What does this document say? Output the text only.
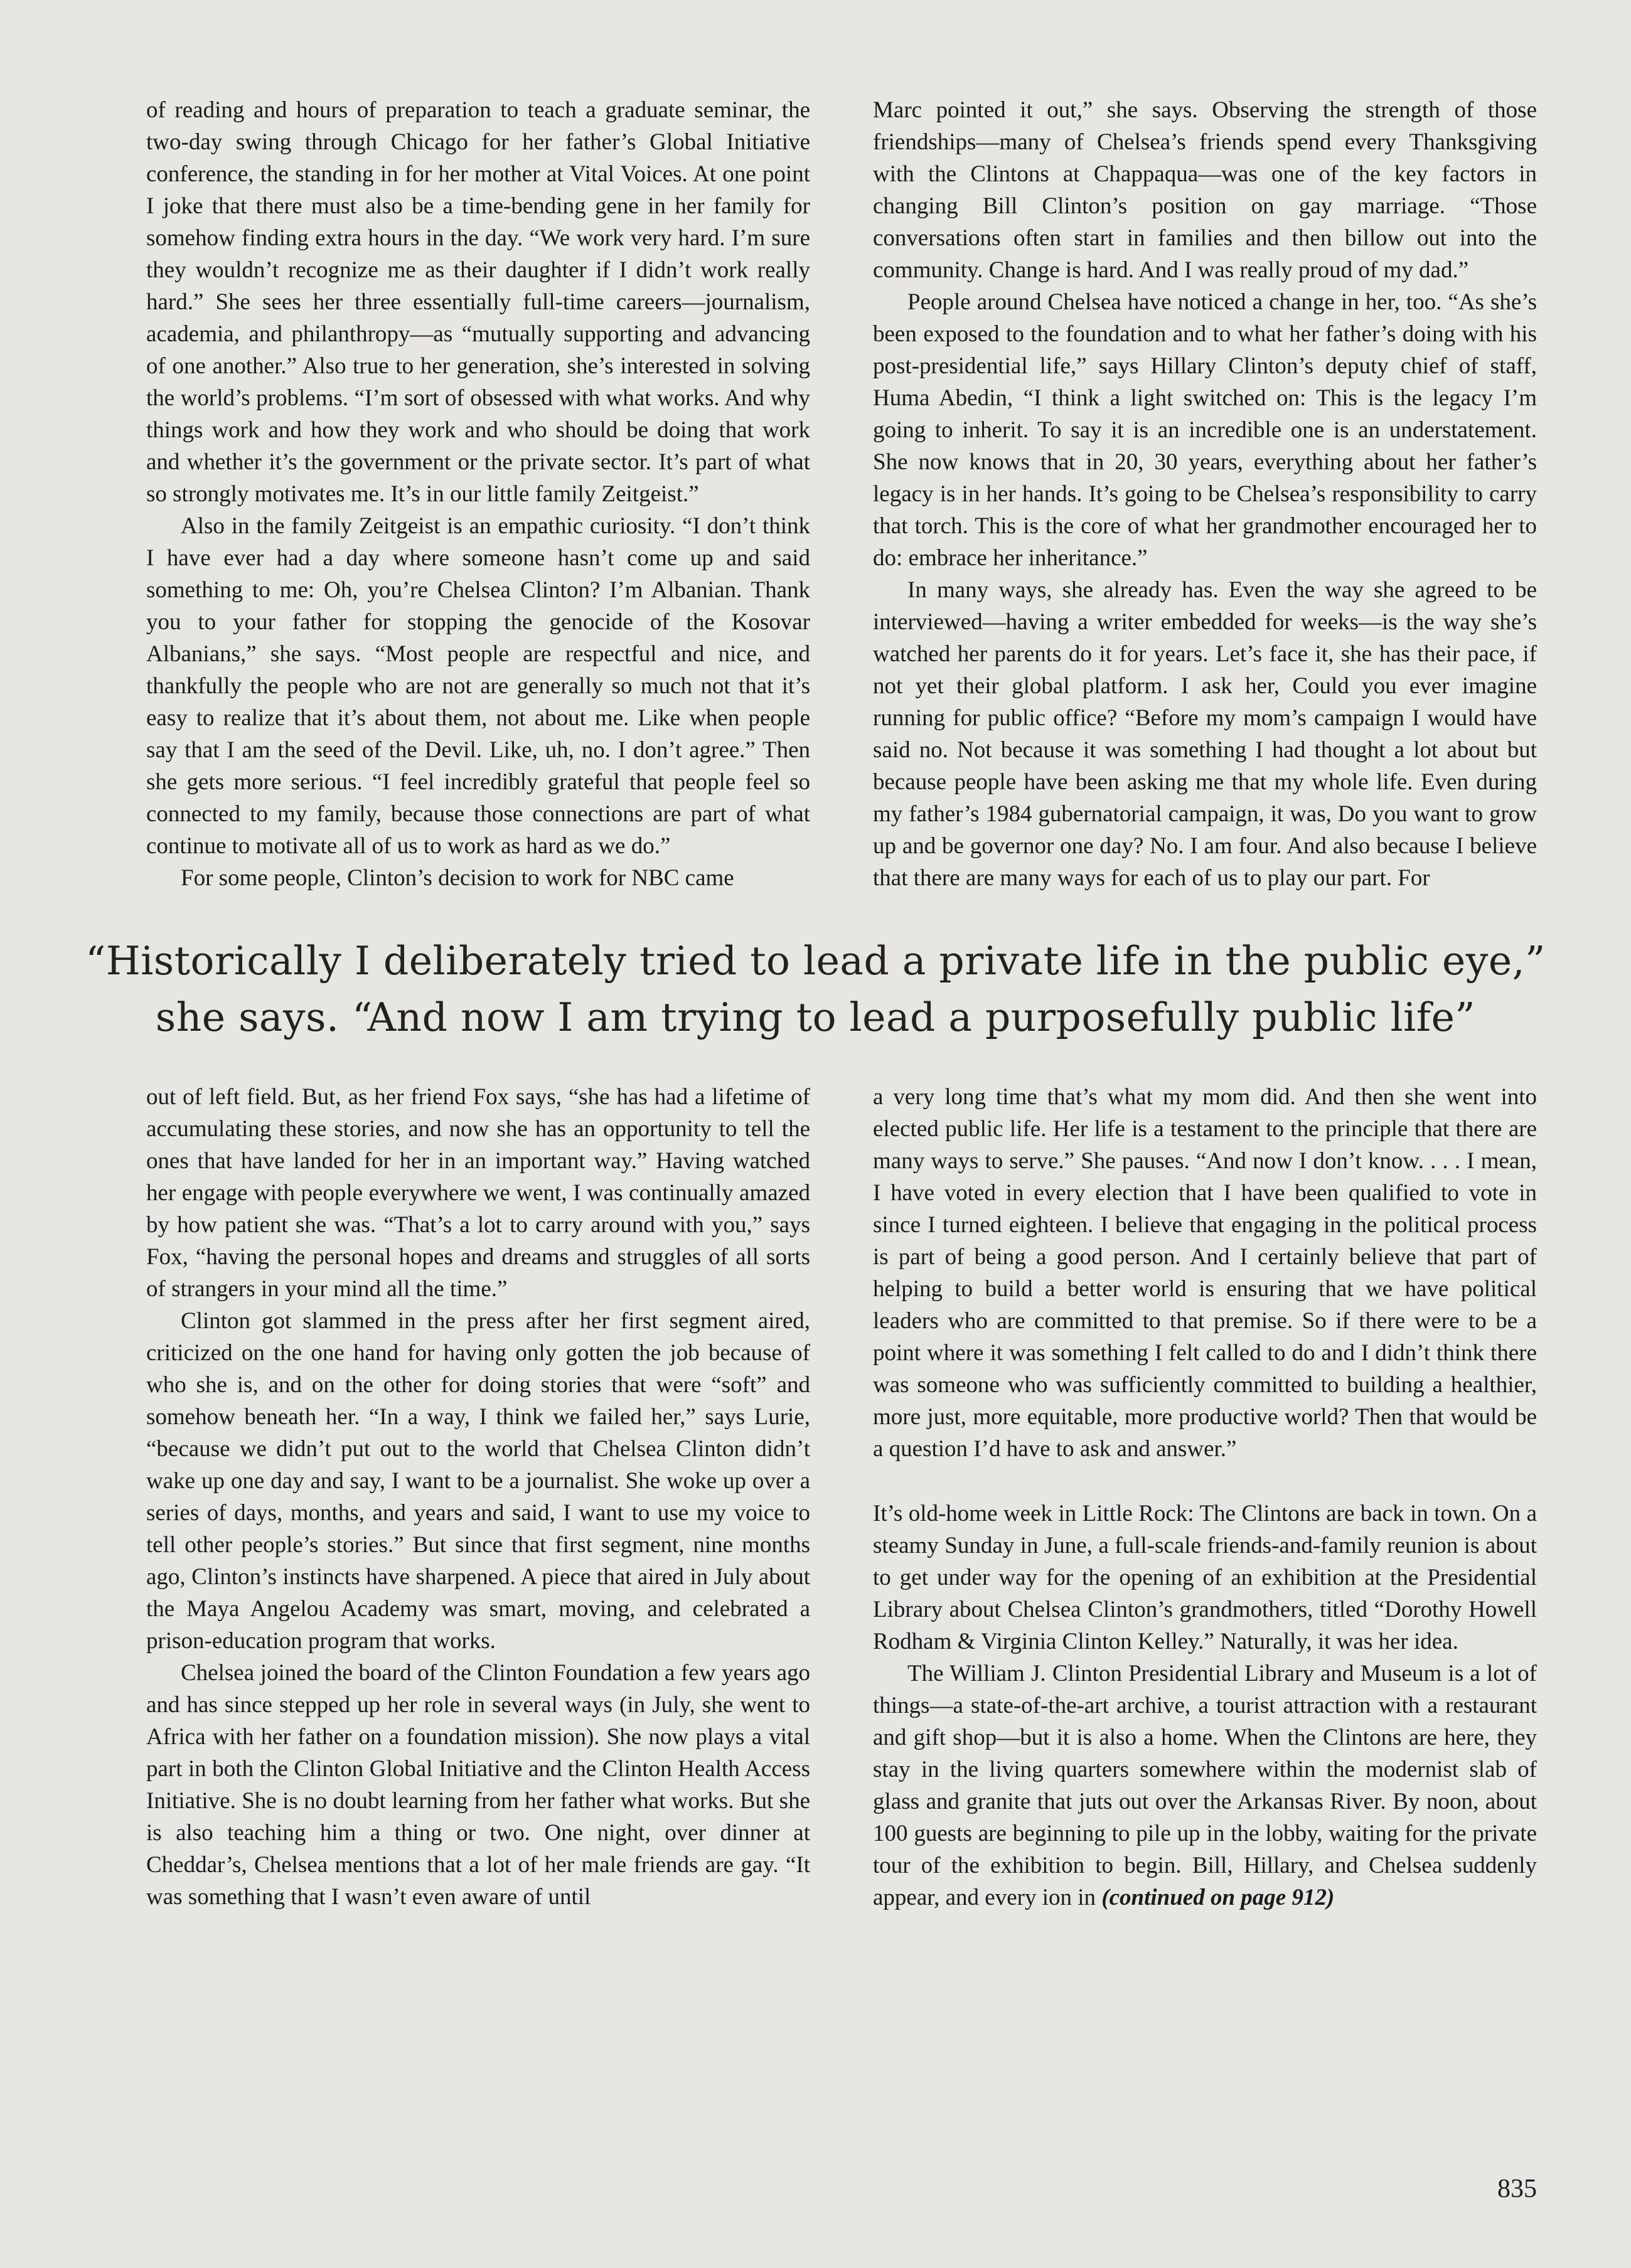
of reading and hours of preparation to teach a graduate seminar, the two-day swing through Chicago for her father’s Global Initiative conference, the standing in for her mother at Vital Voices. At one point I joke that there must also be a time-bending gene in her family for somehow finding extra hours in the day. “We work very hard. I’m sure they wouldn’t recognize me as their daughter if I didn’t work really hard.” She sees her three essentially full-time careers—journalism, academia, and philanthropy—as “mutually supporting and advancing of one another.” Also true to her generation, she’s interested in solving the world’s problems. “I’m sort of obsessed with what works. And why things work and how they work and who should be doing that work and whether it’s the government or the private sector. It’s part of what so strongly motivates me. It’s in our little family Zeitgeist.”

Also in the family Zeitgeist is an empathic curiosity. “I don’t think I have ever had a day where someone hasn’t come up and said something to me: Oh, you’re Chelsea Clinton? I’m Albanian. Thank you to your father for stopping the genocide of the Kosovar Albanians,” she says. “Most people are respectful and nice, and thankfully the people who are not are generally so much not that it’s easy to realize that it’s about them, not about me. Like when people say that I am the seed of the Devil. Like, uh, no. I don’t agree.” Then she gets more serious. “I feel incredibly grateful that people feel so connected to my family, because those connections are part of what continue to motivate all of us to work as hard as we do.”

For some people, Clinton’s decision to work for NBC came

Marc pointed it out,” she says. Observing the strength of those friendships—many of Chelsea’s friends spend every Thanksgiving with the Clintons at Chappaqua—was one of the key factors in changing Bill Clinton’s position on gay marriage. “Those conversations often start in families and then billow out into the community. Change is hard. And I was really proud of my dad.”

People around Chelsea have noticed a change in her, too. “As she’s been exposed to the foundation and to what her father’s doing with his post-presidential life,” says Hillary Clinton’s deputy chief of staff, Huma Abedin, “I think a light switched on: This is the legacy I’m going to inherit. To say it is an incredible one is an understatement. She now knows that in 20, 30 years, everything about her father’s legacy is in her hands. It’s going to be Chelsea’s responsibility to carry that torch. This is the core of what her grandmother encouraged her to do: embrace her inheritance.”

In many ways, she already has. Even the way she agreed to be interviewed—having a writer embedded for weeks—is the way she’s watched her parents do it for years. Let’s face it, she has their pace, if not yet their global platform. I ask her, Could you ever imagine running for public office? “Before my mom’s campaign I would have said no. Not because it was something I had thought a lot about but because people have been asking me that my whole life. Even during my father’s 1984 gubernatorial campaign, it was, Do you want to grow up and be governor one day? No. I am four. And also because I believe that there are many ways for each of us to play our part. For

“Historically I deliberately tried to lead a private life in the public eye,”
she says. “And now I am trying to lead a purposefully public life”

out of left field. But, as her friend Fox says, “she has had a lifetime of accumulating these stories, and now she has an opportunity to tell the ones that have landed for her in an important way.” Having watched her engage with people everywhere we went, I was continually amazed by how patient she was. “That’s a lot to carry around with you,” says Fox, “having the personal hopes and dreams and struggles of all sorts of strangers in your mind all the time.”

Clinton got slammed in the press after her first segment aired, criticized on the one hand for having only gotten the job because of who she is, and on the other for doing stories that were “soft” and somehow beneath her. “In a way, I think we failed her,” says Lurie, “because we didn’t put out to the world that Chelsea Clinton didn’t wake up one day and say, I want to be a journalist. She woke up over a series of days, months, and years and said, I want to use my voice to tell other people’s stories.” But since that first segment, nine months ago, Clinton’s instincts have sharpened. A piece that aired in July about the Maya Angelou Academy was smart, moving, and celebrated a prison-education program that works.

Chelsea joined the board of the Clinton Foundation a few years ago and has since stepped up her role in several ways (in July, she went to Africa with her father on a foundation mission). She now plays a vital part in both the Clinton Global Initiative and the Clinton Health Access Initiative. She is no doubt learning from her father what works. But she is also teaching him a thing or two. One night, over dinner at Cheddar’s, Chelsea mentions that a lot of her male friends are gay. “It was something that I wasn’t even aware of until

a very long time that’s what my mom did. And then she went into elected public life. Her life is a testament to the principle that there are many ways to serve.” She pauses. “And now I don’t know. . . . I mean, I have voted in every election that I have been qualified to vote in since I turned eighteen. I believe that engaging in the political process is part of being a good person. And I certainly believe that part of helping to build a better world is ensuring that we have political leaders who are committed to that premise. So if there were to be a point where it was something I felt called to do and I didn’t think there was someone who was sufficiently committed to building a healthier, more just, more equitable, more productive world? Then that would be a question I’d have to ask and answer.”

It’s old-home week in Little Rock: The Clintons are back in town. On a steamy Sunday in June, a full-scale friends-and-family reunion is about to get under way for the opening of an exhibition at the Presidential Library about Chelsea Clinton’s grandmothers, titled “Dorothy Howell Rodham & Virginia Clinton Kelley.” Naturally, it was her idea.

The William J. Clinton Presidential Library and Museum is a lot of things—a state-of-the-art archive, a tourist attraction with a restaurant and gift shop—but it is also a home. When the Clintons are here, they stay in the living quarters somewhere within the modernist slab of glass and granite that juts out over the Arkansas River. By noon, about 100 guests are beginning to pile up in the lobby, waiting for the private tour of the exhibition to begin. Bill, Hillary, and Chelsea suddenly appear, and every ion in (continued on page 912)

835
